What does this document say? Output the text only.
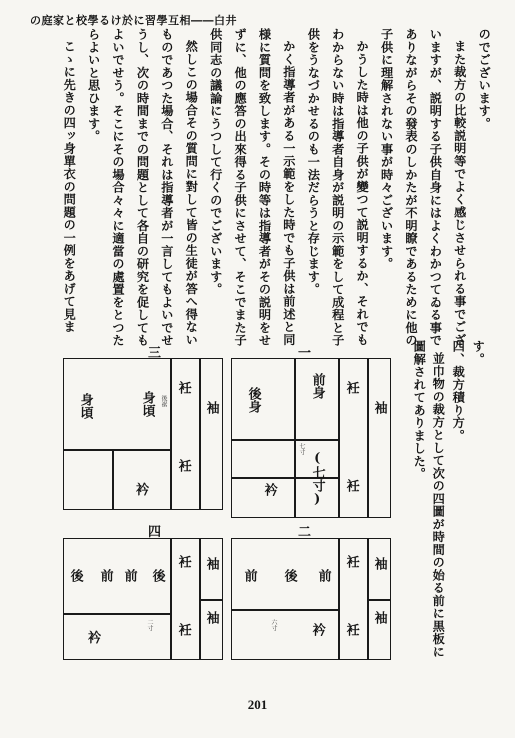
の庭家と校學るけ於に習學互相――白井
のでございます。
また裁方の比較説明等でよく感じさせられる事でござ
いますが、説明する子供自身にはよくわかつてゐる事で
ありながらその發表のしかたが不明瞭であるために他の
子供に理解されない事が時々ございます。
かうした時は他の子供が變つて説明するか、それでも
わからない時は指導者自身が説明の示範をして成程と子
供をうなづかせるのも一法だらうと存じます。
かく指導者がある一示範をした時でも子供は前述と同
様に質問を致します。その時等は指導者がその説明をせ
ずに、他の應答の出來得る子供にさせて、そこでまた子
供同志の議論にうつして行くのでございます。
然しこの場合その質問に對して皆の生徒が答へ得ない
ものであつた場合、それは指導者が一言してもよいでせ
うし、次の時間までの問題として各自の研究を促しても
よいでせう。そこにその場合々々に適當の處置をとつた
らよいと思ひます。
こゝに先きの四ッ身單衣の問題の一例をあげて見ま
す。
四、裁方積り方。
並巾物の裁方として次の四圖が時間の始る前に黒板に
圖解されてありました。
一
袖
衽
衽
前身
後身
(七寸)
衿
七寸
三
袖
衽
衽
身頃
身頃
衿
後裾
二
袖
袖
衽
衽
前
後
前
衿
六寸
四
袖
袖
衽
衽
後
前
前
後
衿
二寸
201
